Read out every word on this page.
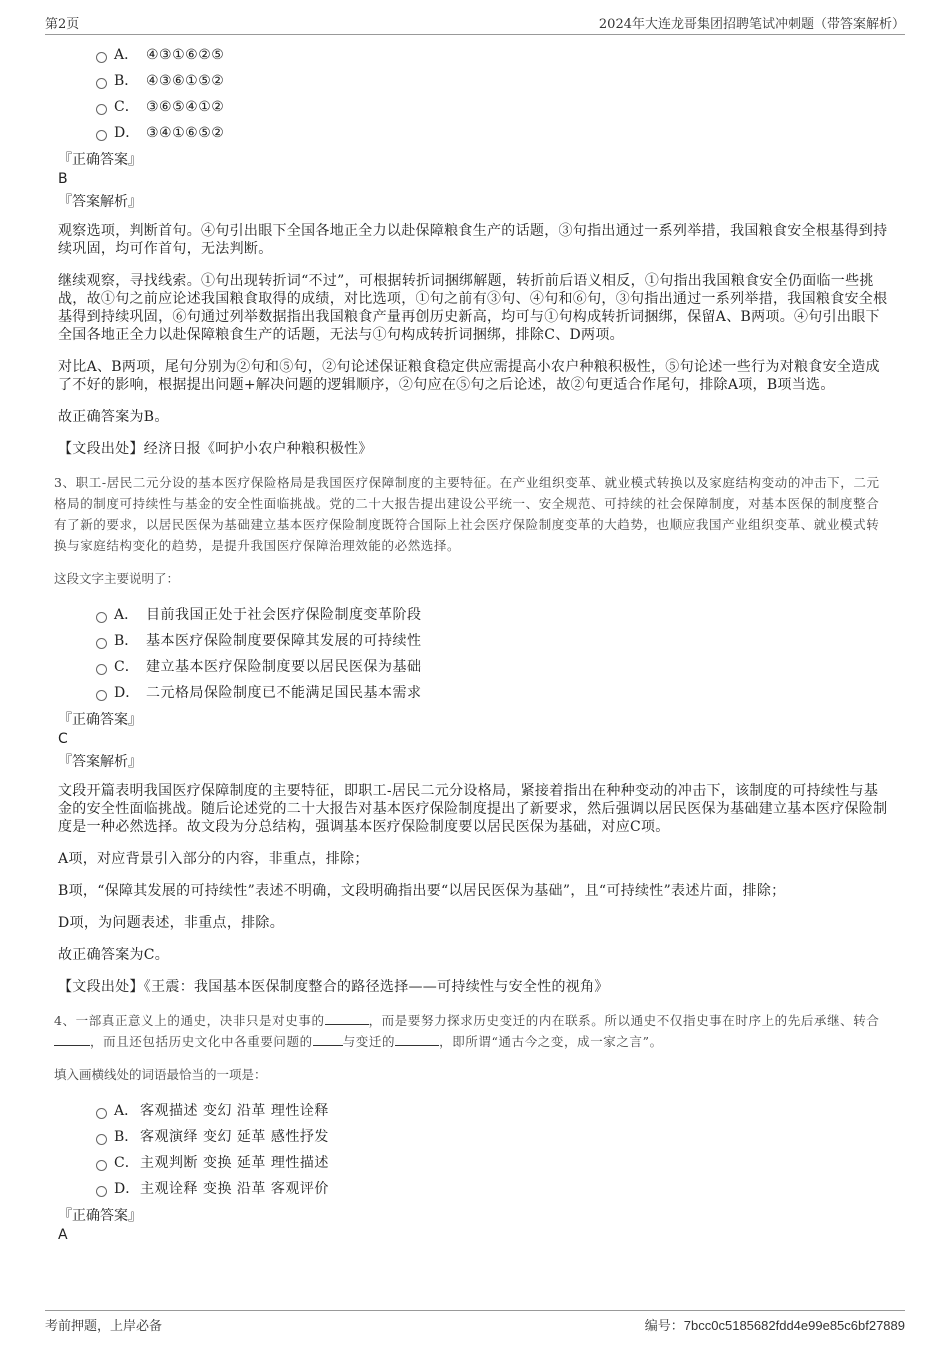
第2页	2024年大连龙哥集团招聘笔试冲刺题（带答案解析）
A． ④③①⑥②⑤
B． ④③⑥①⑤②
C． ③⑥⑤④①②
D． ③④①⑥⑤②

『正确答案』

B

『答案解析』

观察选项，判断首句。④句引出眼下全国各地正全力以赴保障粮食生产的话题，③句指出通过一系列举措，我国粮食安全根基得到持续巩固，均可作首句，无法判断。

继续观察，寻找线索。①句出现转折词“不过”，可根据转折词捆绑解题，转折前后语义相反，①句指出我国粮食安全仍面临一些挑战，故①句之前应论述我国粮食取得的成绩，对比选项，①句之前有③句、④句和⑥句，③句指出通过一系列举措，我国粮食安全根基得到持续巩固，⑥句通过列举数据指出我国粮食产量再创历史新高，均可与①句构成转折词捆绑，保留A、B两项。④句引出眼下全国各地正全力以赴保障粮食生产的话题，无法与①句构成转折词捆绑，排除C、D两项。

对比A、B两项，尾句分别为②句和⑤句，②句论述保证粮食稳定供应需提高小农户种粮积极性，⑤句论述一些行为对粮食安全造成了不好的影响，根据提出问题+解决问题的逻辑顺序，②句应在⑤句之后论述，故②句更适合作尾句，排除A项，B项当选。

故正确答案为B。

【文段出处】经济日报《呵护小农户种粮积极性》

3、职工-居民二元分设的基本医疗保险格局是我国医疗保障制度的主要特征。在产业组织变革、就业模式转换以及家庭结构变动的冲击下，二元格局的制度可持续性与基金的安全性面临挑战。党的二十大报告提出建设公平统一、安全规范、可持续的社会保障制度，对基本医保的制度整合有了新的要求，以居民医保为基础建立基本医疗保险制度既符合国际上社会医疗保险制度变革的大趋势，也顺应我国产业组织变革、就业模式转换与家庭结构变化的趋势，是提升我国医疗保障治理效能的必然选择。

这段文字主要说明了：

A． 目前我国正处于社会医疗保险制度变革阶段
B． 基本医疗保险制度要保障其发展的可持续性
C． 建立基本医疗保险制度要以居民医保为基础
D． 二元格局保险制度已不能满足国民基本需求

『正确答案』

C

『答案解析』

文段开篇表明我国医疗保障制度的主要特征，即职工-居民二元分设格局，紧接着指出在种种变动的冲击下，该制度的可持续性与基金的安全性面临挑战。随后论述党的二十大报告对基本医疗保险制度提出了新要求，然后强调以居民医保为基础建立基本医疗保险制度是一种必然选择。故文段为分总结构，强调基本医疗保险制度要以居民医保为基础，对应C项。

A项，对应背景引入部分的内容，非重点，排除；

B项，“保障其发展的可持续性”表述不明确，文段明确指出要“以居民医保为基础”，且“可持续性”表述片面，排除；

D项，为问题表述，非重点，排除。

故正确答案为C。

【文段出处】《王震：我国基本医保制度整合的路径选择——可持续性与安全性的视角》

4、一部真正意义上的通史，决非只是对史事的	，而是要努力探求历史变迁的内在联系。所以通史不仅指史事在时序上的先后承继、转合，而且还包括历史文化中各重要问题的 与变迁的	，即所谓“通古今之变，成一家之言”。

填入画横线处的词语最恰当的一项是：

A． 客观描述 变幻 沿革 理性诠释
B． 客观演绎 变幻 延革 感性抒发
C． 主观判断 变换 延革 理性描述
D． 主观诠释 变换 沿革 客观评价

『正确答案』

A

考前押题，上岸必备	编号：7bcc0c5185682fdd4e99e85c6bf27889
